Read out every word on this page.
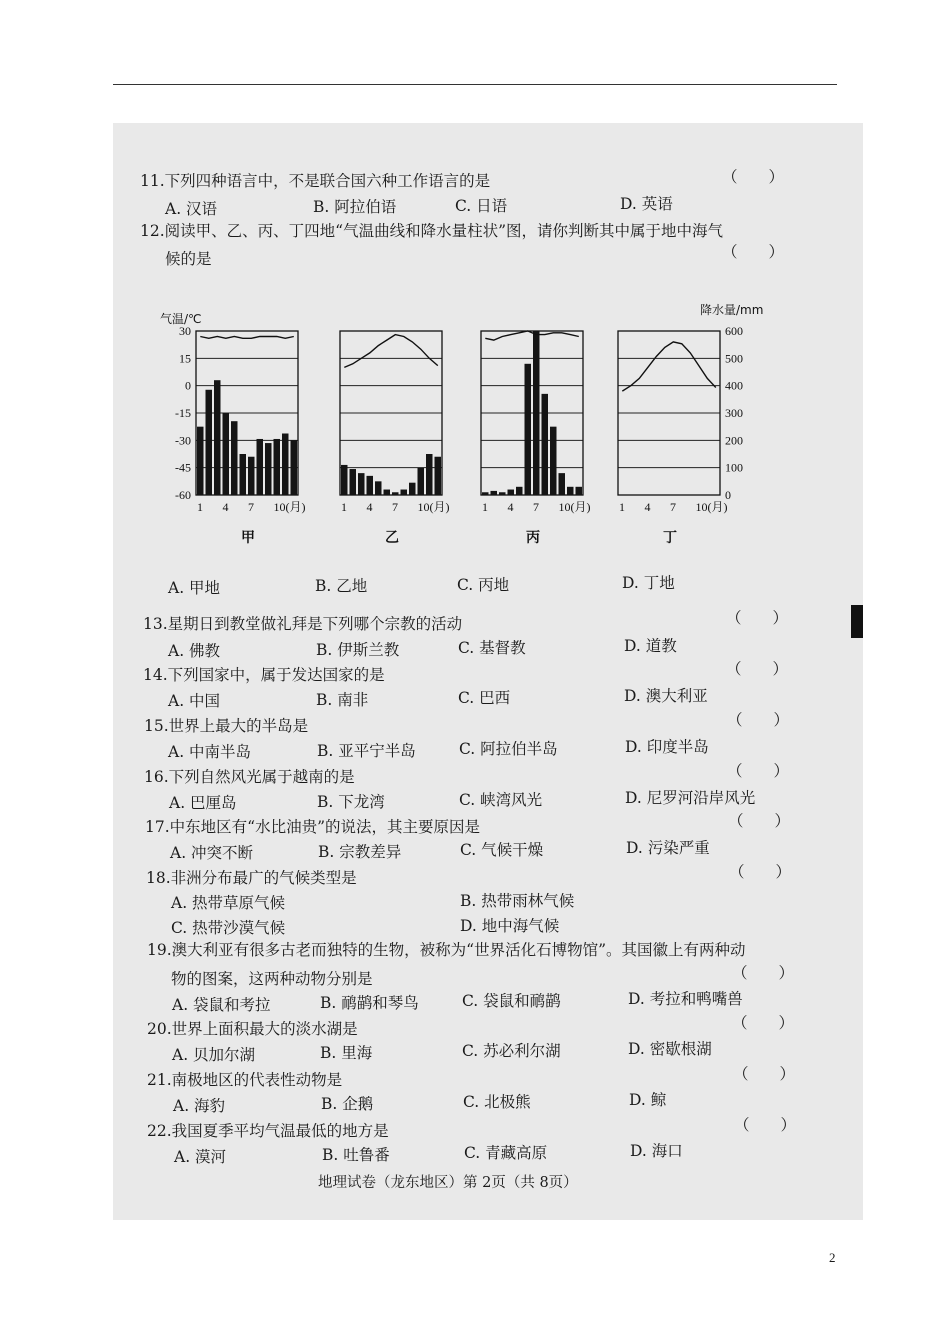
11.下列四种语言中，不是联合国六种工作语言的是	（　　）
A. 汉语	B. 阿拉伯语	C. 日语	D. 英语
12.阅读甲、乙、丙、丁四地“气温曲线和降水量柱状”图，请你判断其中属于地中海气
候的是	（　　）
1 4 7 10(月)
甲
1 4 7 10(月)
乙
1 4 7 10(月)
丙
1 4 7 10(月)
丁
气温/℃
30
15
0
-15
-30
-45
-60
降水量/mm
600
500
400
300
200
100
0
A. 甲地	B. 乙地	C. 丙地	D. 丁地
13.星期日到教堂做礼拜是下列哪个宗教的活动	（　　）
A. 佛教	B. 伊斯兰教	C. 基督教	D. 道教
14.下列国家中，属于发达国家的是	（　　）
A. 中国	B. 南非	C. 巴西	D. 澳大利亚
15.世界上最大的半岛是	（　　）
A. 中南半岛	B. 亚平宁半岛	C. 阿拉伯半岛	D. 印度半岛
16.下列自然风光属于越南的是	（　　）
A. 巴厘岛	B. 下龙湾	C. 峡湾风光	D. 尼罗河沿岸风光
17.中东地区有“水比油贵”的说法，其主要原因是	（　　）
A. 冲突不断	B. 宗教差异	C. 气候干燥	D. 污染严重
18.非洲分布最广的气候类型是	（　　）
A. 热带草原气候	B. 热带雨林气候
C. 热带沙漠气候	D. 地中海气候
19.澳大利亚有很多古老而独特的生物，被称为“世界活化石博物馆”。其国徽上有两种动
物的图案，这两种动物分别是	（　　）
A. 袋鼠和考拉	B. 鸸鹋和琴鸟	C. 袋鼠和鸸鹋	D. 考拉和鸭嘴兽
20.世界上面积最大的淡水湖是	（　　）
A. 贝加尔湖	B. 里海	C. 苏必利尔湖	D. 密歇根湖
21.南极地区的代表性动物是	（　　）
A. 海豹	B. 企鹅	C. 北极熊	D. 鲸
22.我国夏季平均气温最低的地方是	（　　）
A. 漠河	B. 吐鲁番	C. 青藏高原	D. 海口
地理试卷（龙东地区）第 2页（共 8页）
2
